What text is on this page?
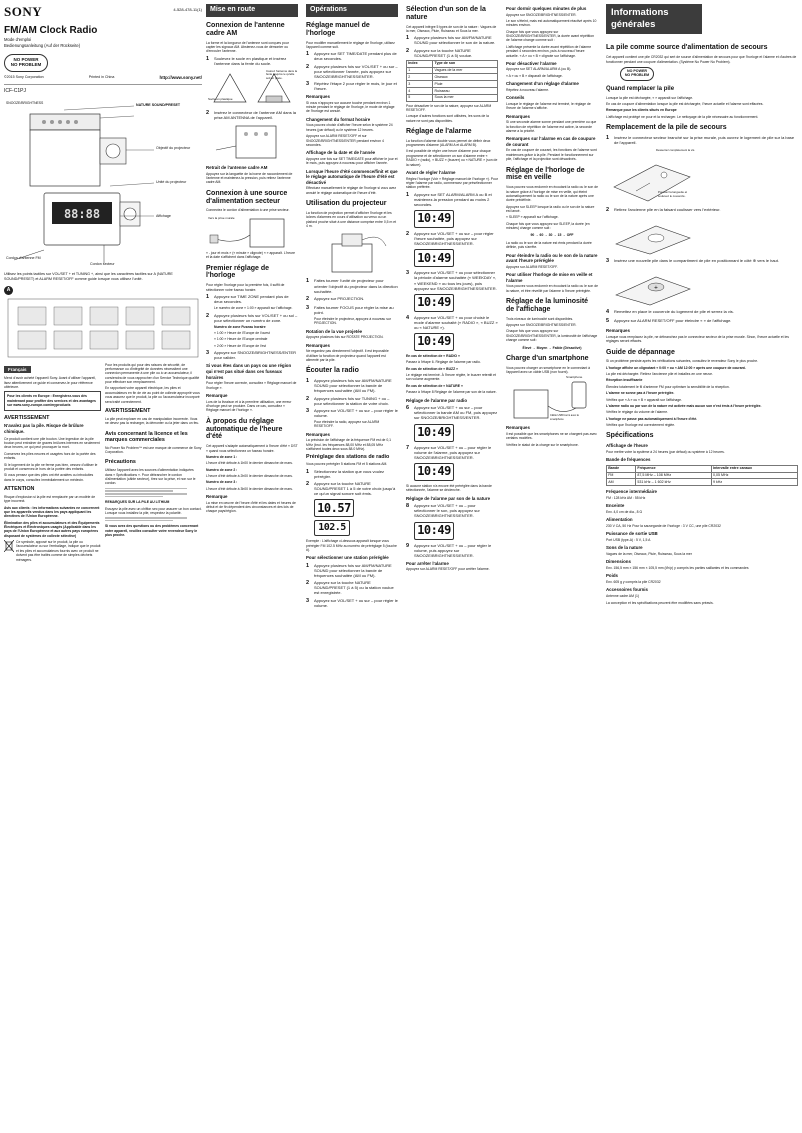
SONY	4-528-478-11(1)
FM/AM Clock Radio
Mode d'emploi
Bedienungsanleitung (Auf der Rückseite)
NO POWER
NO PROBLEM
©2015 Sony Corporation	Printed in China	http://www.sony.net/
ICF-C1PJ
88:88
NATURE SOUND/PRESET
SNOOZE/BRIGHTNESS
Objectif du projecteur
Unité du projecteur
Affichage
Cordon d'antenne FM
Cordon secteur

Utilisez les points tactiles sur VOL/SET + et TUNING +, ainsi que les caractères tactiles sur A (NATURE SOUND/PRESET) et ALARM RESET/OFF comme guide lorsque vous utilisez l'unité.

A
Français

Merci d'avoir acheté l'appareil Sony. Avant d'utiliser l'appareil, lisez attentivement ce guide et conservez-le pour référence ultérieure.

Pour les clients en Europe : Enregistrez-vous dès maintenant pour profiter des services et des avantages sur www.sony-europe.com/myproducts

AVERTISSEMENT

N'avalez pas la pile. Risque de brûlure chimique.

Ce produit contient une pile bouton. Une ingestion de la pile bouton peut entraîner de graves brûlures internes en seulement deux heures, ce qui peut provoquer la mort.

Conservez les piles neuves et usagées hors de la portée des enfants.

Si le logement de la pile ne ferme pas bien, cessez d'utiliser le produit et conservez-le hors de la portée des enfants.

Si vous pensez que des piles ont été avalées ou introduites dans le corps, consultez immédiatement un médecin.

ATTENTION

Risque d'explosion si la pile est remplacée par un modèle de type incorrect.

Avis aux clients : les informations suivantes ne concernent que les appareils vendus dans les pays appliquant les directives de l'Union Européenne.

Élimination des piles et accumulateurs et des Équipements Électriques et Électroniques usagés (Applicable dans les pays de l'Union Européenne et aux autres pays européens disposant de systèmes de collecte sélective)

Ce symbole, apposé sur le produit, la pile ou l'accumulateur ou sur l'emballage, indique que le produit et les piles et accumulateurs fournis avec ce produit ne doivent pas être traités comme de simples déchets ménagers.

Pour les produits qui pour des raisons de sécurité, de performance ou d'intégrité de données nécessitent une connexion permanente à une pile ou à un accumulateur, il conviendra de vous rapprocher d'un Service Technique qualifié pour effectuer son remplacement.

En rapportant votre appareil électrique, les piles et accumulateurs en fin de vie au point de collecte approprié vous vous assurez que le produit, la pile ou l'accumulateur incorporé sera traité correctement.

AVERTISSEMENT

La pile peut exploser en cas de manipulation incorrecte. Vous ne devez pas la recharger, la démonter ou la jeter dans un feu.

Avis concernant la licence et les marques commerciales

No Power No Problem™ est une marque de commerce de Sony Corporation.

Précautions

Utilisez l'appareil avec les sources d'alimentation indiquées dans « Spécifications ». Pour débrancher le cordon d'alimentation (câble secteur), tirez sur la prise, et non sur le cordon.

REMARQUES SUR LA PILE AU LITHIUM

Essuyez la pile avec un chiffon sec pour assurer un bon contact. Lorsque vous installez la pile, respectez la polarité.

Si vous avez des questions ou des problèmes concernant votre appareil, veuillez consulter votre revendeur Sony le plus proche.

Mise en route
Connexion de l'antenne cadre AM

La forme et la longueur de l'antenne sont conçues pour capter les signaux AM. Abstenez-vous de démonter ou d'enrouler l'antenne.

1	Soulevez le socle en plastique et insérez l'antenne dans la fente du socle.
Socle en plastique
Insérez l'antenne dans la fente jusqu'à ce qu'elle soit en place.
2	Insérez le connecteur de l'antenne AM dans la prise AM ANTENNA de l'appareil.
Retrait de l'antenne cadre AM

Appuyez sur la languette de la borne de raccordement de l'antenne et maintenez-la pression, puis retirez l'antenne cadre AM.

Connexion à une source d'alimentation secteur

Connectez le cordon d'alimentation à une prise secteur.

Vers la prise murale

« - jour et mois » (« minute » clignote) « » apparaît. L'heure et la date s'affichent dans l'affichage.

Premier réglage de l'horloge

Pour régler l'horloge pour la première fois, il suffit de sélectionner votre fuseau horaire.

1	Appuyez sur TIME ZONE pendant plus de deux secondes.

Le numéro de zone « 1:00 » apparaît sur l'affichage.

2	Appuyez plusieurs fois sur VOL/SET + ou sol – pour sélectionner un numéro de zone.

Numéro de zone Fuseau horaire

« 1:00 » Heure de l'Europe de l'ouest

« 1:00 » Heure de l'Europe centrale

« 2:00 » Heure de l'Europe de l'est

3	Appuyez sur SNOOZE/BRIGHTNESS/ENTER pour valider.
Si vous êtes dans un pays ou une région qui n'est pas situé dans ces fuseaux horaires

Pour régler l'heure correcte, consultez « Réglage manuel de l'horloge ».

Remarque

Lors de la livraison et à la première utilisation, une erreur d'horloge peut se produire. Dans ce cas, consultez « Réglage manuel de l'horloge ».

À propos du réglage automatique de l'heure d'été

Cet appareil s'adapte automatiquement à l'heure d'été « DST » quand vous sélectionnez un fuseau horaire.

Numéro de zone 1 :

L'heure d'été débute à 1h00 le dernier dimanche de mars.

Numéro de zone 2 :

L'heure d'été débute à 2h00 le dernier dimanche de mars.

Numéro de zone 3 :

L'heure d'été débute à 3h00 le dernier dimanche de mars.

Remarque

La mise en oeuvre de l'heure d'été et les dates et heures de début et de fin dépendent des circonstances et des lois de chaque pays/région.

Opérations
Réglage manuel de l'horloge

Pour modifier manuellement le réglage de l'horloge, utilisez l'appareil comme suit.

1	Appuyez sur SET TIME/DATE pendant plus de deux secondes.
2	Appuyez plusieurs fois sur VOL/SET + ou sur – pour sélectionner l'année, puis appuyez sur SNOOZE/BRIGHTNESS/ENTER.
3	Répétez l'étape 2 pour régler le mois, le jour et l'heure.
Remarques

Si vous n'appuyez sur aucune touche pendant environ 1 minute pendant le réglage de l'horloge, le mode de réglage de l'horloge est annulé.

Changement du format horaire

Vous pouvez choisir d'afficher l'heure selon le système 24 heures (par défaut) ou le système 12 heures.

Appuyez sur ALARM RESET/OFF et sur SNOOZE/BRIGHTNESS/ENTER pendant environ 4 secondes.

Affichage de la date et de l'année

Appuyez une fois sur SET TIME/DATE pour afficher le jour et le mois, puis appuyez à nouveau pour afficher l'année.

Lorsque l'heure d'été commence/finit et que le réglage automatique de l'heure d'été est désactivé

Effectuez manuellement le réglage de l'horloge si vous avez annulé le réglage automatique de l'heure d'été.

Utilisation du projecteur

La fonction de projection permet d'afficher l'horloge et les icônes d'alarmes en cours d'utilisation au verso ou un plafond proche situé à une distance comprise entre 0,5 m et 4 m.

1	Faites tourner l'unité de projecteur pour orienter l'objectif du projecteur dans la direction souhaitée.
2	Appuyez sur PROJECTION.
3	Faites tourner FOCUS pour régler la mise au point.

Pour éteindre le projecteur, appuyez à nouveau sur PROJECTION.

Rotation de la vue projetée

Appuyez plusieurs fois sur ROTATE PROJECTION.

Remarques

Ne regardez pas directement l'objectif. Il est impossible d'utiliser la fonction de projecteur quand l'appareil est alimenté par la pile.

Écouter la radio
1	Appuyez plusieurs fois sur AM/FM/NATURE SOUND pour sélectionner la bande de fréquences souhaitée (AM ou FM).
2	Appuyez plusieurs fois sur TUNING + ou – pour sélectionner la station de votre choix.
3	Appuyez sur VOL/SET + ou sur – pour régler le volume.

Pour éteindre la radio, appuyez sur ALARM RESET/OFF.

Remarques

La précision de l'affichage de la fréquence FM est de 0,1 MHz (brui. les fréquences 88,00 MHz et 88,05 MHz s'affichent toutes deux sous 88.0 MHz).

Préréglage des stations de radio

Vous pouvez prérégler 5 stations FM et 5 stations AM.

1	Sélectionnez la station que vous voulez prérégler.
2	Appuyez sur la touche NATURE SOUND/PRESET 1 à 5 de votre choix jusqu'à ce qu'un signal sonore soit émis.
10.57
102.5

Exemple : L'affichage ci-dessous apparaît lorsque vous prérégler FM 102.5 MHz au numéro de préréglage 5 (touche #).

Pour sélectionner une station préréglée
1	Appuyez plusieurs fois sur AM/FM/NATURE SOUND pour sélectionner la bande de fréquences souhaitée (AM ou FM).
2	Appuyez sur la touche NATURE SOUND/PRESET (1 à 5) ou la station voulue est enregistrée.
3	Appuyez sur VOL/SET + ou sur – pour régler le volume.
Sélection d'un son de la nature

Cet appareil intègre 5 types de son de la nature : Vagues de la mer, Oiseaux, Pluie, Ruisseau et Sous la mer.

1	Appuyez plusieurs fois sur AM/FM/NATURE SOUND pour sélectionner le son de la nature.
2	Appuyez sur la touche NATURE SOUND/PRESET (1 à 5) voulue.
Index	Type de son
1	Vagues de la mer
2	Oiseaux
3	Pluie
4	Ruisseau
5	Sous la mer

Pour désactiver le son de la nature, appuyez sur ALARM RESET/OFF.

Lorsque d'autres fonctions sont utilisées, les sons de la nature ne sont pas disponibles.

Réglage de l'alarme

La fonction d'alarme double vous permet de définir deux programmes d'alarme (ALARM A et ALARM B).

Il est possible de régler une heure d'alarme pour chaque programme et de sélectionner un son d'alarme entre « RADIO » (radio), « BUZZ » (buzzer) ou « NATURE » (son de la nature).

Avant de régler l'alarme

Réglez l'horloge (Voir « Réglage manuel de l'horloge »). Pour régler l'alarme par radio, commencez par présélectionner station préférée.

1	Appuyez sur SET ALARM/ALARM A ou B et maintenez-la pression pendant au moins 2 secondes.
10:49
2	Appuyez sur VOL/SET + ou sur – pour régler l'heure souhaitée, puis appuyez sur SNOOZE/BRIGHTNESS/ENTER.
10:49
3	Appuyez sur VOL/SET + ou pour sélectionner la période d'alarme souhaitée (« WEEKDAY », « WEEKEND » ou tous les jours), puis appuyez sur SNOOZE/BRIGHTNESS/ENTER.
10:49
4	Appuyez sur VOL/SET + ou pour choisir le mode d'alarme souhaité (« RADIO », « BUZZ » ou « NATURE »).
10:49

En cas de sélection de « RADIO »

Passez à l'étape 6. Réglage de l'alarme par radio.

En cas de sélection de « BUZZ »

Le réglage est terminé. À l'heure réglée, le buzzer retentit et son volume augmente.

En cas de sélection de « NATURE »

Passez à l'étape 8 Réglage de l'alarme par son de la nature.

Réglage de l'alarme par radio
6	Appuyez sur VOL/SET + ou sur – pour sélectionner la bande AM ou FM, puis appuyez sur SNOOZE/BRIGHTNESS/ENTER.
10:49
7	Appuyez sur VOL/SET + ou – pour régler le volume de l'alarme, puis appuyez sur SNOOZE/BRIGHTNESS/ENTER.
10:49

Si aucune station n'a encore été préréglée dans la bande sélectionnée, l'alarme se déclenche.

Réglage de l'alarme par son de la nature
8	Appuyez sur VOL/SET + ou – pour sélectionner le son, puis appuyez sur SNOOZE/BRIGHTNESS/ENTER.
10:49
9	Appuyez sur VOL/SET + ou – pour régler le volume, puis appuyez sur SNOOZE/BRIGHTNESS/ENTER.
Pour arrêter l'alarme

Appuyez sur ALARM RESET/OFF pour arrêter l'alarme.

Pour dormir quelques minutes de plus

Appuyez sur SNOOZE/BRIGHTNESS/ENTER.

Le son s'éteint, mais est automatiquement réactivé après 10 minutes environ.

Chaque fois que vous appuyez sur SNOOZE/BRIGHTNESS/ENTER, la durée avant répétition de l'alarme change comme suit :

L'affichage présente la durée avant répétition de l'alarme pendant 4 secondes environ, puis à nouveau l'heure actuelle. « A » ou « B » clignote sur l'affichage.

Pour désactiver l'alarme

Appuyez sur SET ALARM/ALARM A (ou B).

« A » ou « B » disparaît de l'affichage.

Changement d'un réglage d'alarme

Répétez à nouveau l'alarme.

Conseils

Lorsque le réglage de l'alarme est terminé, le réglage de l'heure de l'alarme s'affiche.

Remarques

Si une seconde alarme sonne pendant une première ou que la fonction de répétition de l'alarme est active, la seconde alarme a la priorité.

Remarques sur l'alarme en cas de coupure de courant

En cas de coupure de courant, les fonctions de l'alarme sont maintenues grâce à la pile. Pendant le fonctionnement sur pile, l'affichage et la projection sont désactivés.

Réglage de l'horloge de mise en veille

Vous pouvez vous endormir en écoutant la radio ou le son de la nature grâce à l'horloge de mise en veille, qui éteint automatiquement la radio ou le son de la nature après une durée prédéfinie.

Appuyez sur SLEEP lorsque la radio ou le son de la nature est lancé.

« SLEEP » apparaît sur l'affichage.

Chaque fois que vous appuyez sur SLEEP, la durée (en minutes) change comme suit :

90 → 60 → 30 → 15 → OFF

La radio ou le son de la nature est émis pendant la durée définie, puis s'arrête.

Pour éteindre la radio ou le son de la nature avant l'heure préréglée

Appuyez sur ALARM RESET/OFF.

Pour utiliser l'horloge de mise en veille et l'alarme

Vous pouvez vous endormir en écoutant la radio ou le son de la nature, et être réveillé par l'alarme à l'heure préréglée.

Réglage de la luminosité de l'affichage

Trois niveaux de luminosité sont disponibles.

Appuyez sur SNOOZE/BRIGHTNESS/ENTER.

Chaque fois que vous appuyez sur SNOOZE/BRIGHTNESS/ENTER, la luminosité de l'affichage change comme suit :

Élevé → Moyen → Faible (Désactivé)

Charge d'un smartphone

Vous pouvez charger un smartphone en le connectant à l'appareil avec un câble USB (non fourni).

Smartphone
Câble USB fourni avec le smartphone
Remarques

Il est possible que les smartphones ne se chargent pas avec certains modèles.

Vérifiez le statut de la charge sur le smartphone.

Informations générales
La pile comme source d'alimentation de secours

Cet appareil contient une pile CR2032 qui sert de source d'alimentation de secours pour que l'horloge et l'alarme et d'autres de fonctionner pendant une coupure d'alimentation. (Système No Power No Problem).

NO POWER
NO PROBLEM
Quand remplacer la pile

Lorsque la pile est déchargée, « » apparaît sur l'affichage.

En cas de coupure d'alimentation lorsque la pile est déchargée, l'heure actuelle et l'alarme sont effacées.

Remarque pour les clients situés en Europe

L'affichage est protégé ne pour et la recharger. Le nettoyage de la pile nécessaire au fonctionnement.

Remplacement de la pile de secours
1	Insérez le connecteur secteur branché sur la prise murale, puis ouvrez le logement de pile sur la base de l'appareil.
Desserrez complètement la vis.
Poussez la languette et soulevez le couvercle.
2	Retirez l'ancienne pile en la faisant coulisser vers l'extérieur.
3	Insérez une nouvelle pile dans le compartiment de pile en positionnant le côté ⊕ vers le haut.
+
4	Remettez en place le couvercle du logement de pile et serrez la vis.
5	Appuyez sur ALARM RESET/OFF pour éteindre « » de l'affichage.
Remarques

Lorsque vous remplacez la pile, ne débranchez pas le connecteur secteur de la prise murale. Sinon, l'heure actuelle et les réglages seront effacés.

Guide de dépannage

Si un problème persiste après les vérifications suivantes, consultez le revendeur Sony le plus proche.

L'horloge affiche un clignotant « 0:00 » ou « AM 12:00 » après une coupure de courant.

La pile est déchargée. Retirez l'ancienne pile et installez-en une neuve.

Réception insuffisante

Étendez totalement le fil d'antenne FM pour optimiser la sensibilité de la réception.

L'alarme ne sonne pas à l'heure préréglée.

Vérifiez que « A » ou « B » apparaît sur l'affichage.

L'alarme radio ou par son de la nature est activée mais aucun son n'est émis à l'heure préréglée.

Vérifiez le réglage du volume de l'alarme.

L'horloge ne passe pas automatiquement à l'heure d'été.

Vérifiez que l'horloge est correctement réglée.

Spécifications
Affichage de l'heure

Pour mettre votre la système à 24 heures (par défaut) ou système à 12 heures.

Bande de fréquences
Bande	Fréquence	Intervalle entre canaux
FM	87,5 MHz – 108 MHz	0,05 MHz
AM	531 kHz – 1 602 kHz	9 kHz
Fréquence intermédiaire

FM : 128 kHz AM : 55 kHz

Enceinte

Env. 4,0 cm de dia., 8 Ω

Alimentation

230 V CA, 50 Hz Pour la sauvegarde de l'horloge : 3 V CC, une pile CR2032

Puissance de sortie USB

Port USB (type-A) : 5 V, 1,5 A

Sons de la nature

Vagues de la mer, Oiseaux, Pluie, Ruisseau, Sous la mer

Dimensions

Env. 156,5 mm × 156 mm × 105,5 mm (l/h/p) y compris les parties saillantes et les commandes

Poids

Env. 605 g y compris la pile CR2032

Accessoires fournis

Antenne cadre AM (1)

La conception et les spécifications peuvent être modifiées sans préavis.
